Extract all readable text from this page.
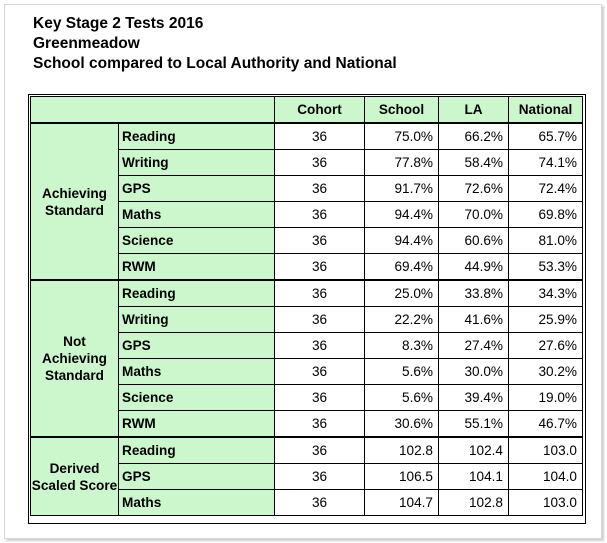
Key Stage 2 Tests 2016
Greenmeadow
School compared to Local Authority and National
		Cohort	School	LA	National

Achieving Standard	Reading	36	75.0%	66.2%	65.7%
	Writing	36	77.8%	58.4%	74.1%
	GPS	36	91.7%	72.6%	72.4%
	Maths	36	94.4%	70.0%	69.8%
	Science	36	94.4%	60.6%	81.0%
	RWM	36	69.4%	44.9%	53.3%

Not Achieving Standard	Reading	36	25.0%	33.8%	34.3%
	Writing	36	22.2%	41.6%	25.9%
	GPS	36	8.3%	27.4%	27.6%
	Maths	36	5.6%	30.0%	30.2%
	Science	36	5.6%	39.4%	19.0%
	RWM	36	30.6%	55.1%	46.7%

Derived Scaled Score	Reading	36	102.8	102.4	103.0
	GPS	36	106.5	104.1	104.0
	Maths	36	104.7	102.8	103.0
